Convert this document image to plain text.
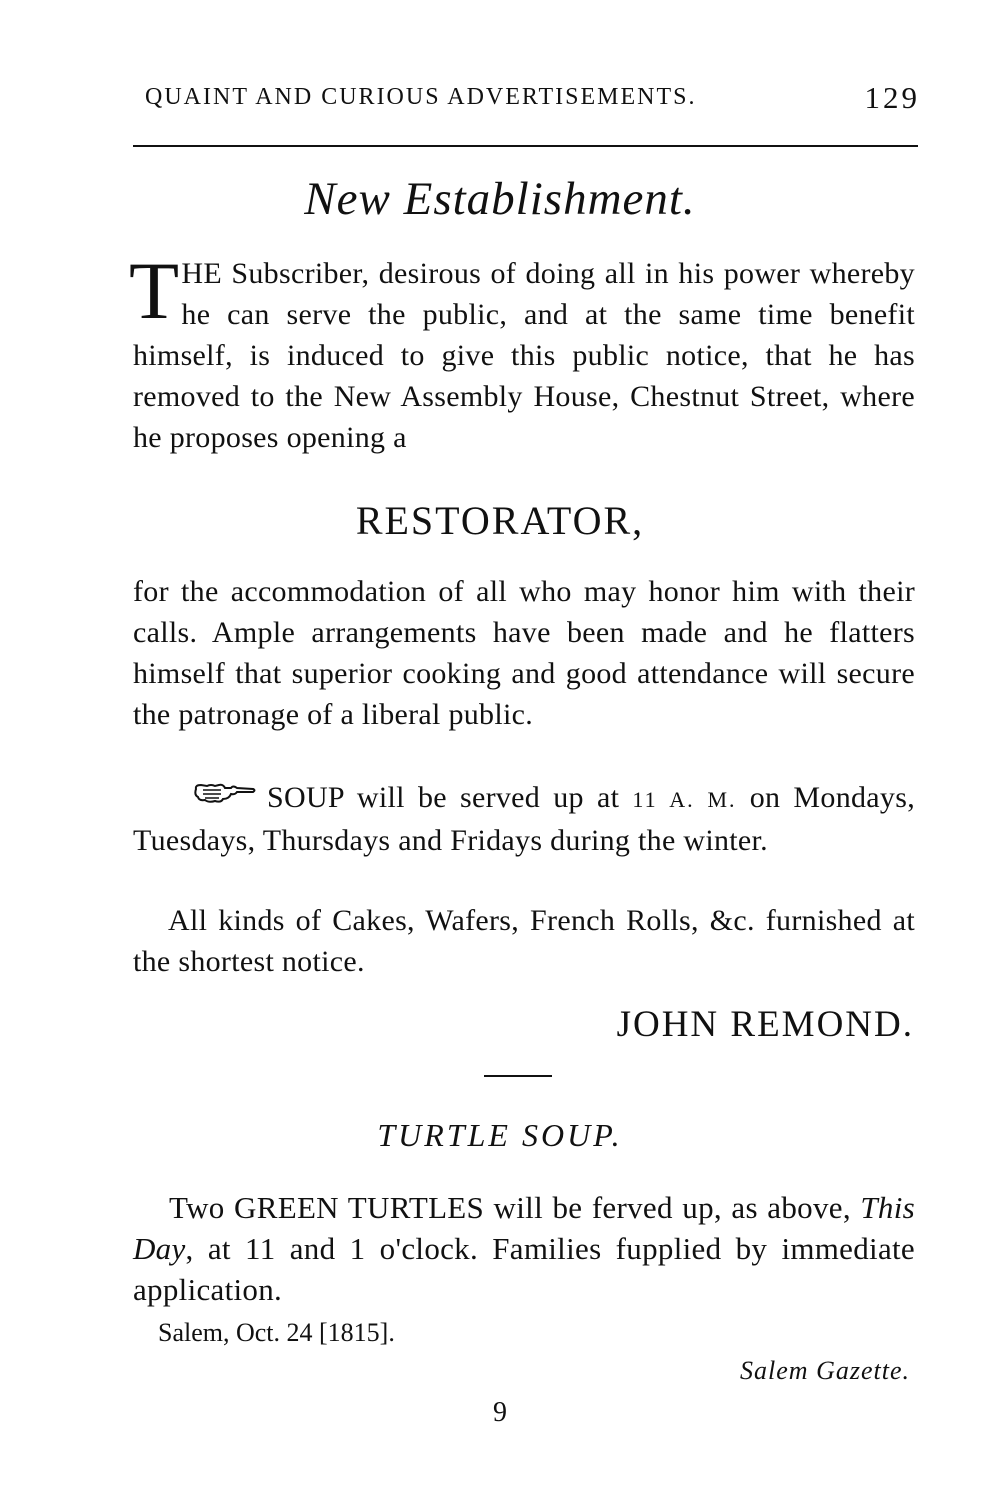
QUAINT AND CURIOUS ADVERTISEMENTS.	129
New Establishment.
THE Subscriber, desirous of doing all in his power whereby he can serve the public, and at the same time benefit himself, is induced to give this public notice, that he has removed to the New Assembly House, Chestnut Street, where he proposes opening a
RESTORATOR,
for the accommodation of all who may honor him with their calls. Ample arrangements have been made and he flatters himself that superior cooking and good attendance will secure the patronage of a liberal public.
SOUP will be served up at 11 A. M. on Mondays, Tuesdays, Thursdays and Fridays during the winter.
All kinds of Cakes, Wafers, French Rolls, &c. furnished at the shortest notice.
JOHN REMOND.
TURTLE SOUP.
Two GREEN TURTLES will be ferved up, as above, This Day, at 11 and 1 o'clock. Families fupplied by immediate application.
Salem, Oct. 24 [1815].
Salem Gazette.
9
